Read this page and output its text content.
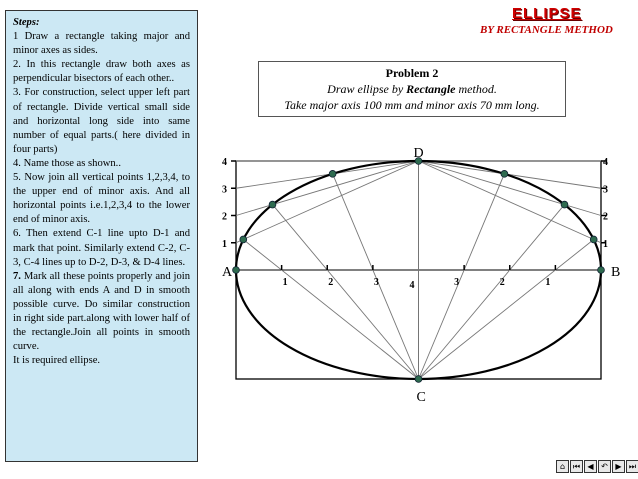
Steps:
1 Draw a rectangle taking major and minor axes as sides.
2. In this rectangle draw both axes as perpendicular bisectors of each other..
3. For construction, select upper left part of rectangle. Divide vertical small side and horizontal long side into same number of equal parts.( here divided in four parts)
4. Name those as shown..
5. Now join all vertical points 1,2,3,4, to the upper end of minor axis. And all horizontal points i.e.1,2,3,4 to the lower end of minor axis.
6. Then extend C-1 line upto D-1 and mark that point. Similarly extend C-2, C-3, C-4 lines up to D-2, D-3, & D-4 lines.
7. Mark all these points properly and join all along with ends A and D in smooth possible curve. Do similar construction in right side part.along with lower half of the rectangle.Join all points in smooth curve.
It is required ellipse.
ELLIPSE
BY RECTANGLE METHOD
Problem 2
Draw ellipse by Rectangle method.
Take major axis 100 mm and minor axis 70 mm long.
1
1
2
2
3
3
4
1
1
2
2
3
3
4
4
A	B
D
C
⌂ ⏮ ◀ ↶ ▶ ⏭
